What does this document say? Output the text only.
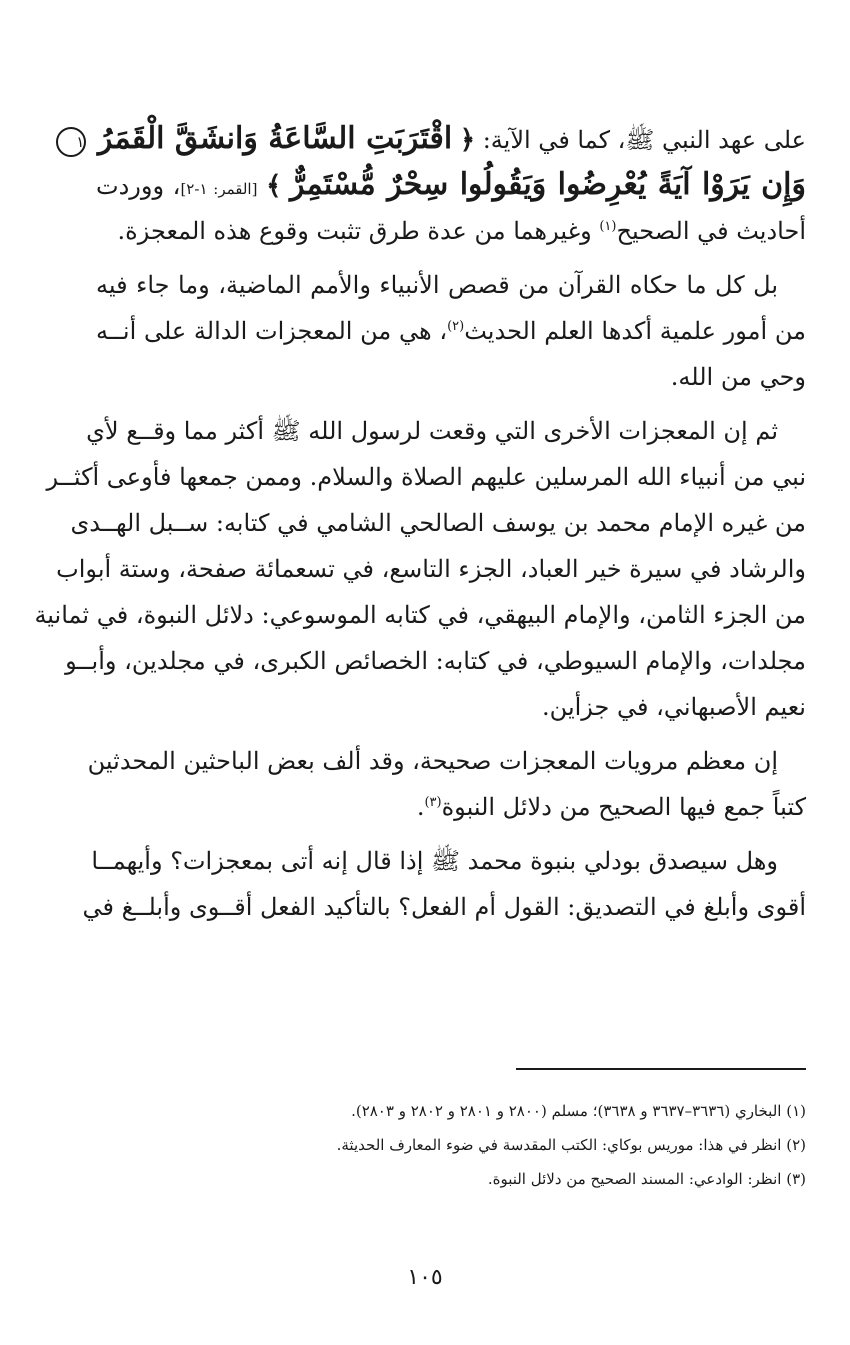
على عهد النبي ﷺ، كما في الآية: ﴿ اقْتَرَبَتِ السَّاعَةُ وَانشَقَّ الْقَمَرُ ١
وَإِن يَرَوْا آيَةً يُعْرِضُوا وَيَقُولُوا سِحْرٌ مُّسْتَمِرٌّ ﴾ [القمر: ١-٢]، ووردت
أحاديث في الصحيح$^{(١)}$ وغيرهما من عدة طرق تثبت وقوع هذه المعجزة.
بل كل ما حكاه القرآن من قصص الأنبياء والأمم الماضية، وما جاء فيه
من أمور علمية أكدها العلم الحديث$^{(٢)}$، هي من المعجزات الدالة على أنــه
وحي من الله.
ثم إن المعجزات الأخرى التي وقعت لرسول الله ﷺ أكثر مما وقــع لأي
نبي من أنبياء الله المرسلين عليهم الصلاة والسلام. وممن جمعها فأوعى أكثــر
من غيره الإمام محمد بن يوسف الصالحي الشامي في كتابه: ســبل الهــدى
والرشاد في سيرة خير العباد، الجزء التاسع، في تسعمائة صفحة، وستة أبواب
من الجزء الثامن، والإمام البيهقي، في كتابه الموسوعي: دلائل النبوة، في ثمانية
مجلدات، والإمام السيوطي، في كتابه: الخصائص الكبرى، في مجلدين، وأبــو
نعيم الأصبهاني، في جزأين.
إن معظم مرويات المعجزات صحيحة، وقد ألف بعض الباحثين المحدثين
كتباً جمع فيها الصحيح من دلائل النبوة$^{(٣)}$.
وهل سيصدق بودلي بنبوة محمد ﷺ إذا قال إنه أتى بمعجزات؟ وأيهمــا
أقوى وأبلغ في التصديق: القول أم الفعل؟ بالتأكيد الفعل أقــوى وأبلــغ في
(١) البخاري (٣٦٣٦–٣٦٣٧ و ٣٦٣٨)؛ مسلم (٢٨٠٠ و ٢٨٠١ و ٢٨٠٢ و ٢٨٠٣).
(٢) انظر في هذا: موريس بوكاي: الكتب المقدسة في ضوء المعارف الحديثة.
(٣) انظر: الوادعي: المسند الصحيح من دلائل النبوة.
١٠٥
